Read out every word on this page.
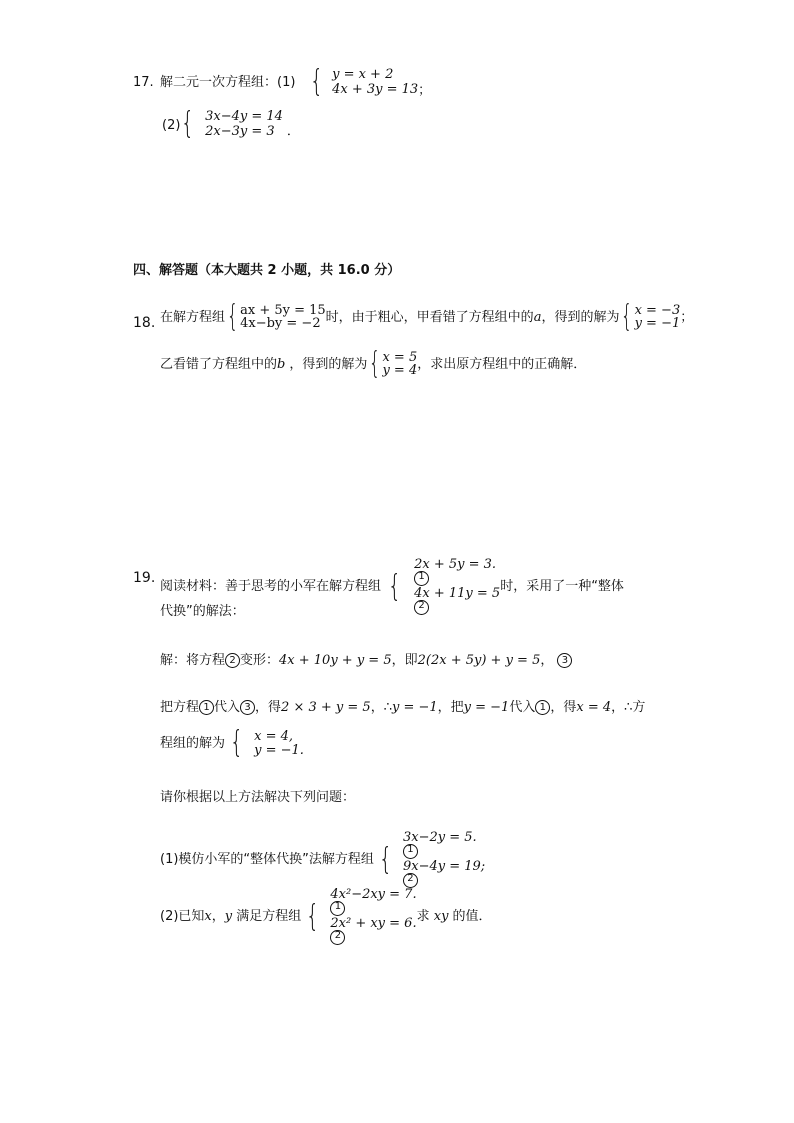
17. 解二元一次方程组：(1) { y = x + 2
4x + 3y = 13 ；
(2) { 3x−4y = 14
2x−3y = 3 ．
四、解答题（本大题共 2 小题，共 16.0 分）
18. 在解方程组 { ax + 5y = 15
4x−by = −2 时，由于粗心，甲看错了方程组中的 a ，得到的解为 { x = −3
y = −1 ；
乙看错了方程组中的 b ，得到的解为 { x = 5
y = 4 ，求出原方程组中的正确解．
19.
阅读材料：善于思考的小军在解方程组 {
2x + 5y = 3.
1
4x + 11y = 5
2
时，采用了一种“整体
代换”的解法：
解：将方程 2 变形： 4x + 10y + y = 5 ，即 2(2x + 5y) + y = 5 ， 3
把方程 1 代入 3 ，得 2 × 3 + y = 5 ，∴ y = −1 ，把 y = −1 代入 1 ，得 x = 4 ，∴方
程组的解为 { x = 4,
y = −1.
请你根据以上方法解决下列问题：
(1)模仿小军的“整体代换”法解方程组 {
3x−2y = 5.
1
9x−4y = 19;
2
(2)已知 x ， y 满足方程组 {
4x²−2xy = 7.
1
2x² + xy = 6.
2
求 xy 的值．
